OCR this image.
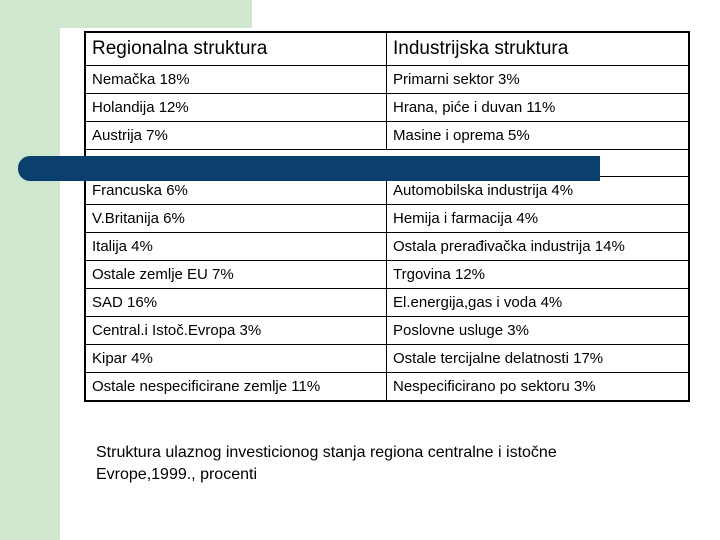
Regionalna struktura	Industrijska struktura
Nemačka 18%	Primarni sektor 3%
Holandija 12%	Hrana, piće i duvan 11%
Austrija 7%	Masine i oprema 5%

Francuska 6%	Automobilska industrija 4%
V.Britanija 6%	Hemija i farmacija 4%
Italija 4%	Ostala prerađivačka industrija 14%
Ostale zemlje EU 7%	Trgovina 12%
SAD 16%	El.energija,gas i voda 4%
Central.i Istoč.Evropa 3%	Poslovne usluge 3%
Kipar 4%	Ostale tercijalne delatnosti 17%
Ostale nespecificirane zemlje 11%	Nespecificirano po sektoru 3%
Struktura ulaznog investicionog stanja regiona centralne i istočne Evrope,1999., procenti
